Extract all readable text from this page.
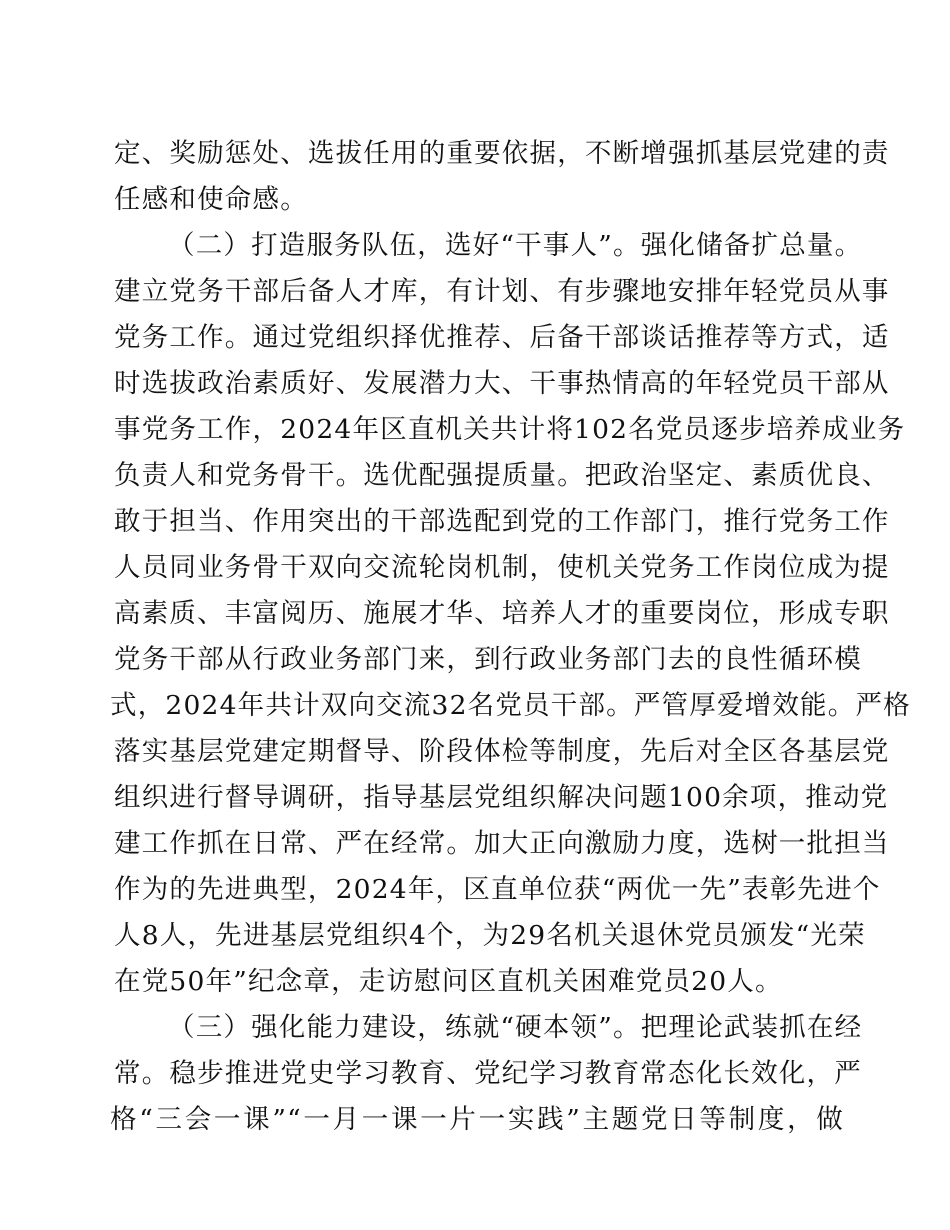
定、奖励惩处、选拔任用的重要依据，不断增强抓基层党建的责
任感和使命感。
（二）打造服务队伍，选好“干事人”。强化储备扩总量。
建立党务干部后备人才库，有计划、有步骤地安排年轻党员从事
党务工作。通过党组织择优推荐、后备干部谈话推荐等方式，适
时选拔政治素质好、发展潜力大、干事热情高的年轻党员干部从
事党务工作，2024年区直机关共计将102名党员逐步培养成业务
负责人和党务骨干。选优配强提质量。把政治坚定、素质优良、
敢于担当、作用突出的干部选配到党的工作部门，推行党务工作
人员同业务骨干双向交流轮岗机制，使机关党务工作岗位成为提
高素质、丰富阅历、施展才华、培养人才的重要岗位，形成专职
党务干部从行政业务部门来，到行政业务部门去的良性循环模
式，2024年共计双向交流32名党员干部。严管厚爱增效能。严格
落实基层党建定期督导、阶段体检等制度，先后对全区各基层党
组织进行督导调研，指导基层党组织解决问题100余项，推动党
建工作抓在日常、严在经常。加大正向激励力度，选树一批担当
作为的先进典型，2024年，区直单位获“两优一先”表彰先进个
人8人，先进基层党组织4个，为29名机关退休党员颁发“光荣
在党50年”纪念章，走访慰问区直机关困难党员20人。
（三）强化能力建设，练就“硬本领”。把理论武装抓在经
常。稳步推进党史学习教育、党纪学习教育常态化长效化，严
格“三会一课”“一月一课一片一实践”主题党日等制度，做
